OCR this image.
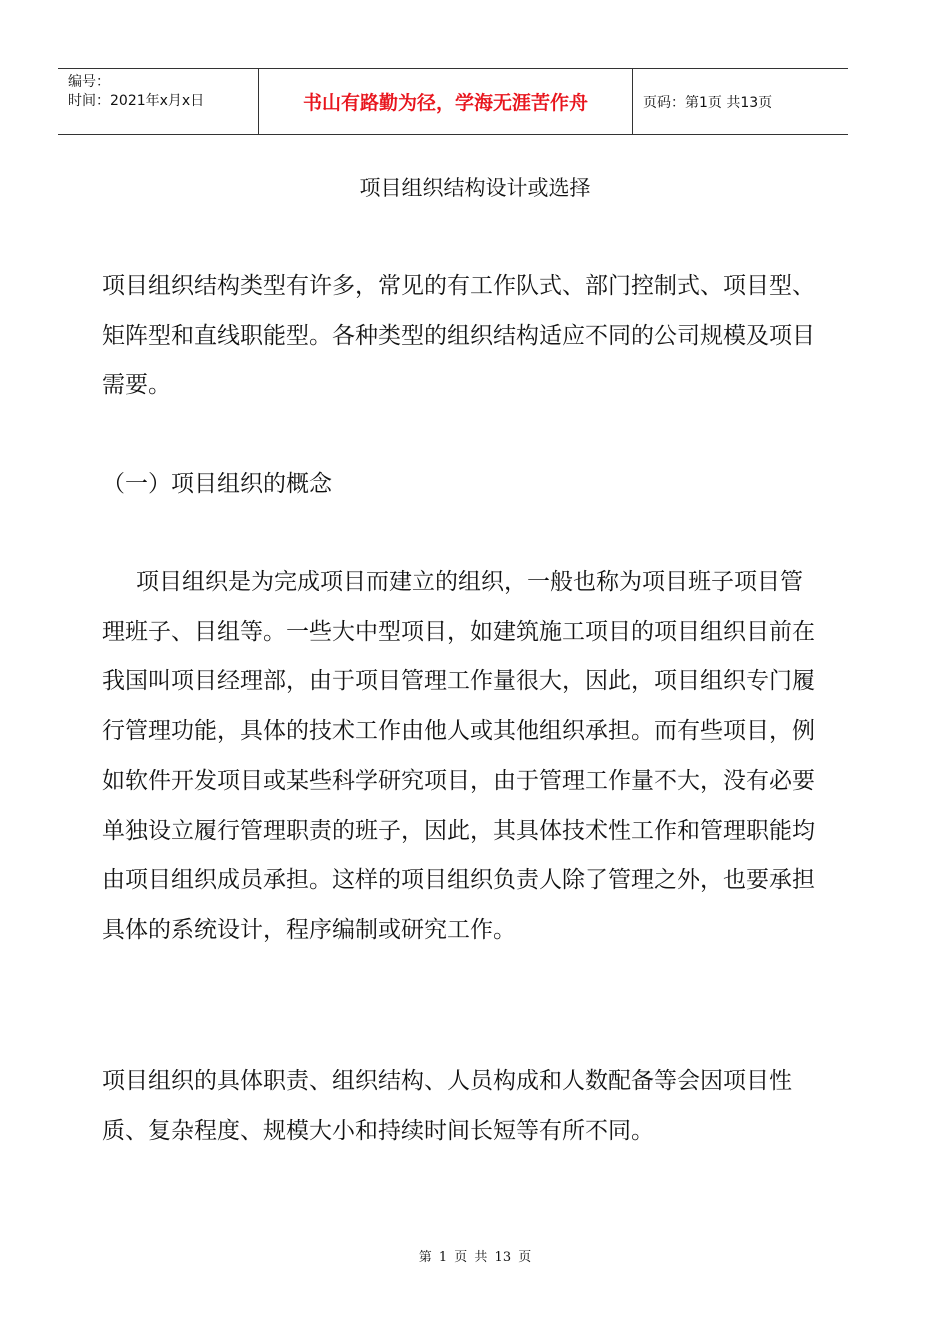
编号：
时间：2021年x月x日	书山有路勤为径，学海无涯苦作舟	页码：第1页 共13页
项目组织结构设计或选择

项目组织结构类型有许多，常见的有工作队式、部门控制式、项目型、矩阵型和直线职能型。各种类型的组织结构适应不同的公司规模及项目需要。

（一）项目组织的概念

项目组织是为完成项目而建立的组织，一般也称为项目班子项目管理班子、目组等。一些大中型项目，如建筑施工项目的项目组织目前在我国叫项目经理部，由于项目管理工作量很大，因此，项目组织专门履行管理功能，具体的技术工作由他人或其他组织承担。而有些项目，例如软件开发项目或某些科学研究项目，由于管理工作量不大，没有必要单独设立履行管理职责的班子，因此，其具体技术性工作和管理职能均由项目组织成员承担。这样的项目组织负责人除了管理之外，也要承担具体的系统设计，程序编制或研究工作。

项目组织的具体职责、组织结构、人员构成和人数配备等会因项目性质、复杂程度、规模大小和持续时间长短等有所不同。

第 1 页 共 13 页
